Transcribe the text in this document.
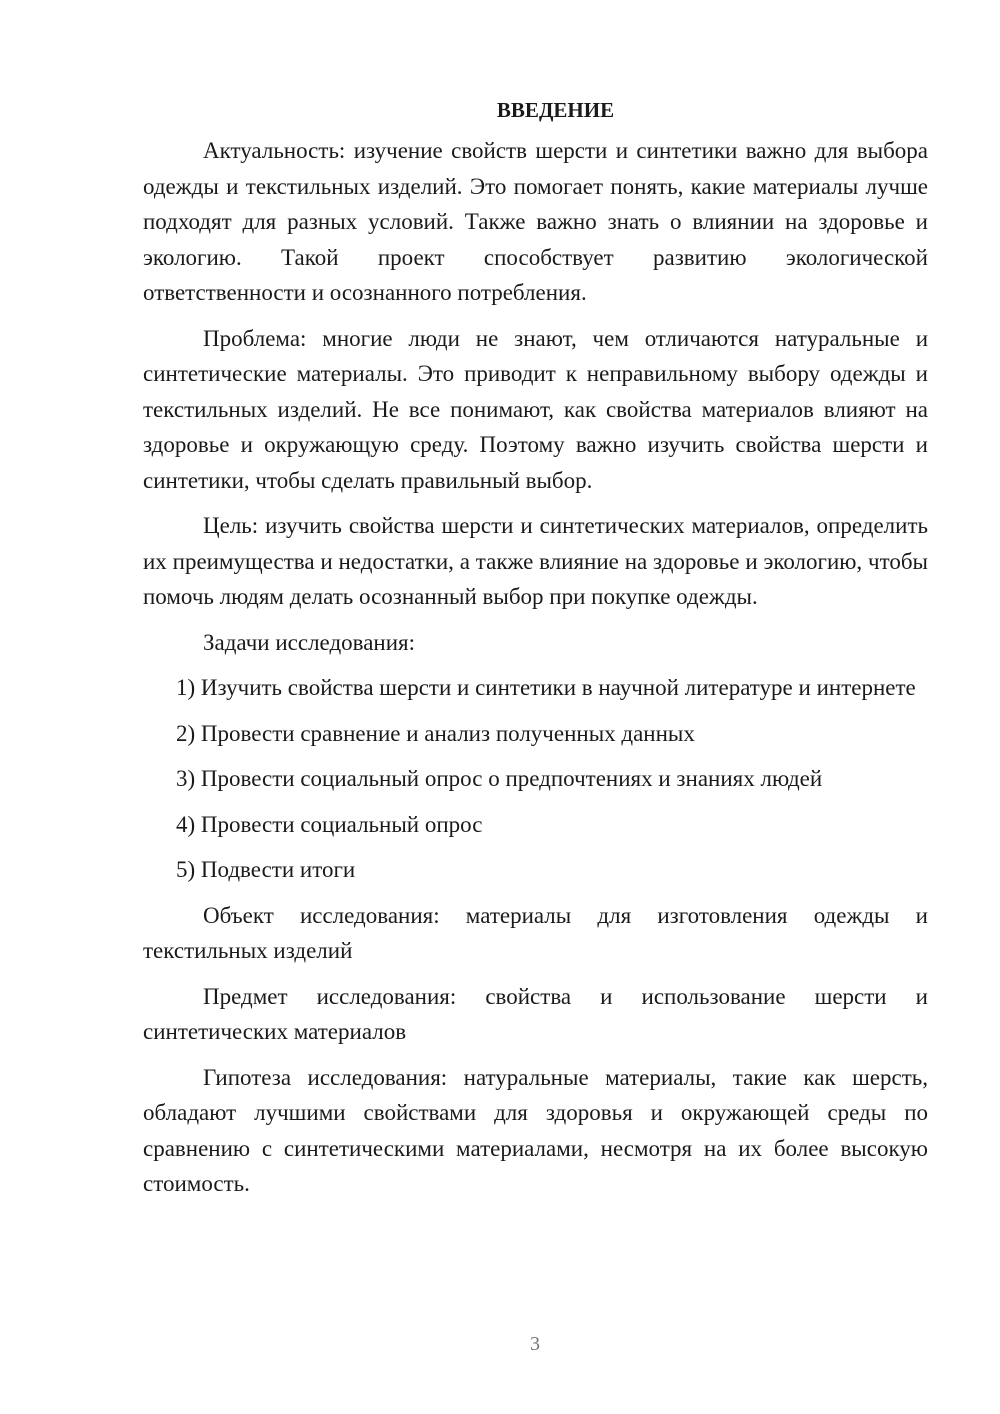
ВВЕДЕНИЕ

Актуальность: изучение свойств шерсти и синтетики важно для выбора одежды и текстильных изделий. Это помогает понять, какие материалы лучше подходят для разных условий. Также важно знать о влиянии на здоровье и экологию. Такой проект способствует развитию экологической ответственности и осознанного потребления.

Проблема: многие люди не знают, чем отличаются натуральные и синтетические материалы. Это приводит к неправильному выбору одежды и текстильных изделий. Не все понимают, как свойства материалов влияют на здоровье и окружающую среду. Поэтому важно изучить свойства шерсти и синтетики, чтобы сделать правильный выбор.

Цель: изучить свойства шерсти и синтетических материалов, определить их преимущества и недостатки, а также влияние на здоровье и экологию, чтобы помочь людям делать осознанный выбор при покупке одежды.

Задачи исследования:

1) Изучить свойства шерсти и синтетики в научной литературе и интернете

2) Провести сравнение и анализ полученных данных

3) Провести социальный опрос о предпочтениях и знаниях людей

4) Провести социальный опрос

5) Подвести итоги

Объект исследования: материалы для изготовления одежды и текстильных изделий

Предмет исследования: свойства и использование шерсти и синтетических материалов

Гипотеза исследования: натуральные материалы, такие как шерсть, обладают лучшими свойствами для здоровья и окружающей среды по сравнению с синтетическими материалами, несмотря на их более высокую стоимость.

3
